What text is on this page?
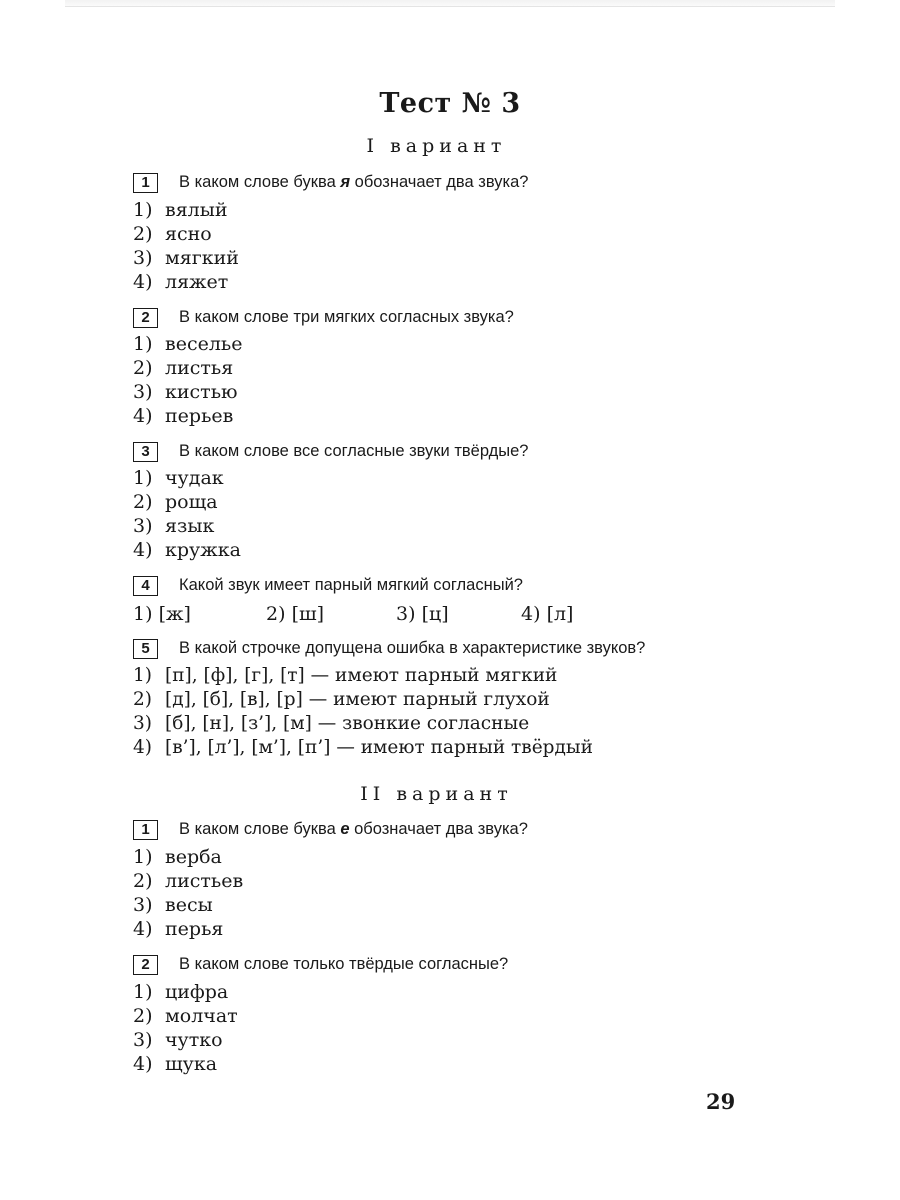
Тест № 3
I вариант
1	В каком слове буква я обозначает два звука?
1) вялый
2) ясно
3) мягкий
4) ляжет
2	В каком слове три мягких согласных звука?
1) веселье
2) листья
3) кистью
4) перьев
3	В каком слове все согласные звуки твёрдые?
1) чудак
2) роща
3) язык
4) кружка
4	Какой звук имеет парный мягкий согласный?
1) [ж]	2) [ш]	3) [ц]	4) [л]
5	В какой строчке допущена ошибка в характеристике звуков?
1) [п], [ф], [г], [т] — имеют парный мягкий
2) [д], [б], [в], [р] — имеют парный глухой
3) [б], [н], [з’], [м] — звонкие согласные
4) [в’], [л’], [м’], [п’] — имеют парный твёрдый
II вариант
1	В каком слове буква е обозначает два звука?
1) верба
2) листьев
3) весы
4) перья
2	В каком слове только твёрдые согласные?
1) цифра
2) молчат
3) чутко
4) щука
29
